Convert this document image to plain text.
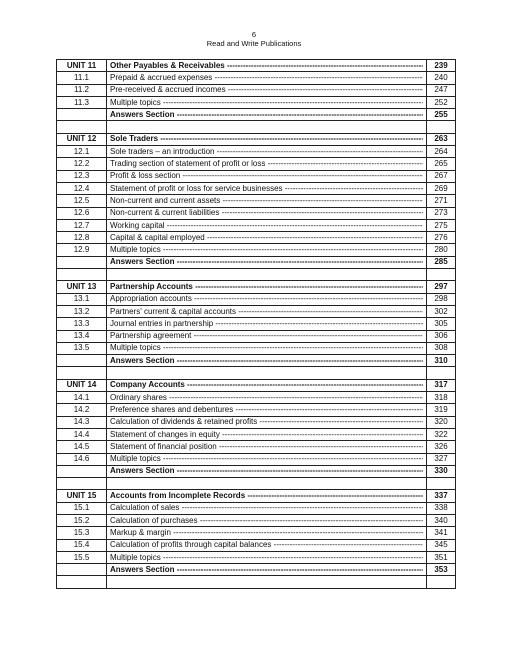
6
Read and Write Publications
UNIT 11	Other Payables & Receivables -----	239
11.1	Prepaid & accrued expenses -----	240
11.2	Pre-received & accrued incomes -----	247
11.3	Multiple topics -----	252

	Answers Section -----	255

UNIT 12	Sole Traders -----	263
12.1	Sole traders – an introduction -----	264
12.2	Trading section of statement of profit or loss -----	265
12.3	Profit & loss section -----	267
12.4	Statement of profit or loss for service businesses -----	269
12.5	Non-current and current assets -----	271
12.6	Non-current & current liabilities -----	273
12.7	Working capital -----	275
12.8	Capital & capital employed -----	276
12.9	Multiple topics -----	280

	Answers Section -----	285

UNIT 13	Partnership Accounts -----	297
13.1	Appropriation accounts -----	298
13.2	Partners' current & capital accounts -----	302
13.3	Journal entries in partnership -----	305
13.4	Partnership agreement -----	306
13.5	Multiple topics -----	308

	Answers Section -----	310

UNIT 14	Company Accounts -----	317
14.1	Ordinary shares -----	318
14.2	Preference shares and debentures -----	319
14.3	Calculation of dividends & retained profits -----	320
14.4	Statement of changes in equity -----	322
14.5	Statement of financial position -----	326
14.6	Multiple topics -----	327

	Answers Section -----	330

UNIT 15	Accounts from Incomplete Records -----	337
15.1	Calculation of sales -----	338
15.2	Calculation of purchases -----	340
15.3	Markup & margin -----	341
15.4	Calculation of profits through capital balances -----	345
15.5	Multiple topics -----	351

	Answers Section -----	353
